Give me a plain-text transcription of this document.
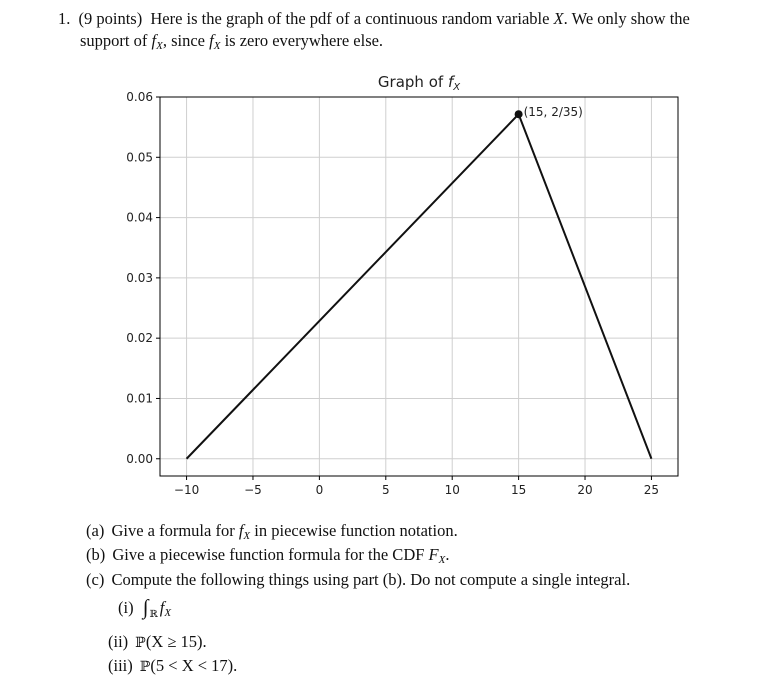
1. (9 points) Here is the graph of the pdf of a continuous random variable X. We only show the
support of $f_X$, since $f_X$ is zero everywhere else.
−10	−5	0	5	10	15	20	25
0.00
0.01
0.02
0.03
0.04
0.05
0.06
(15, 2/35)
Graph of $f_X$
(a) Give a formula for $f_X$ in piecewise function notation.
(b) Give a piecewise function formula for the CDF $F_X$.
(c) Compute the following things using part (b). Do not compute a single integral.
(i) ∫ℝ $f_X$
(ii) ℙ(X ≥ 15).
(iii) ℙ(5 < X < 17).
